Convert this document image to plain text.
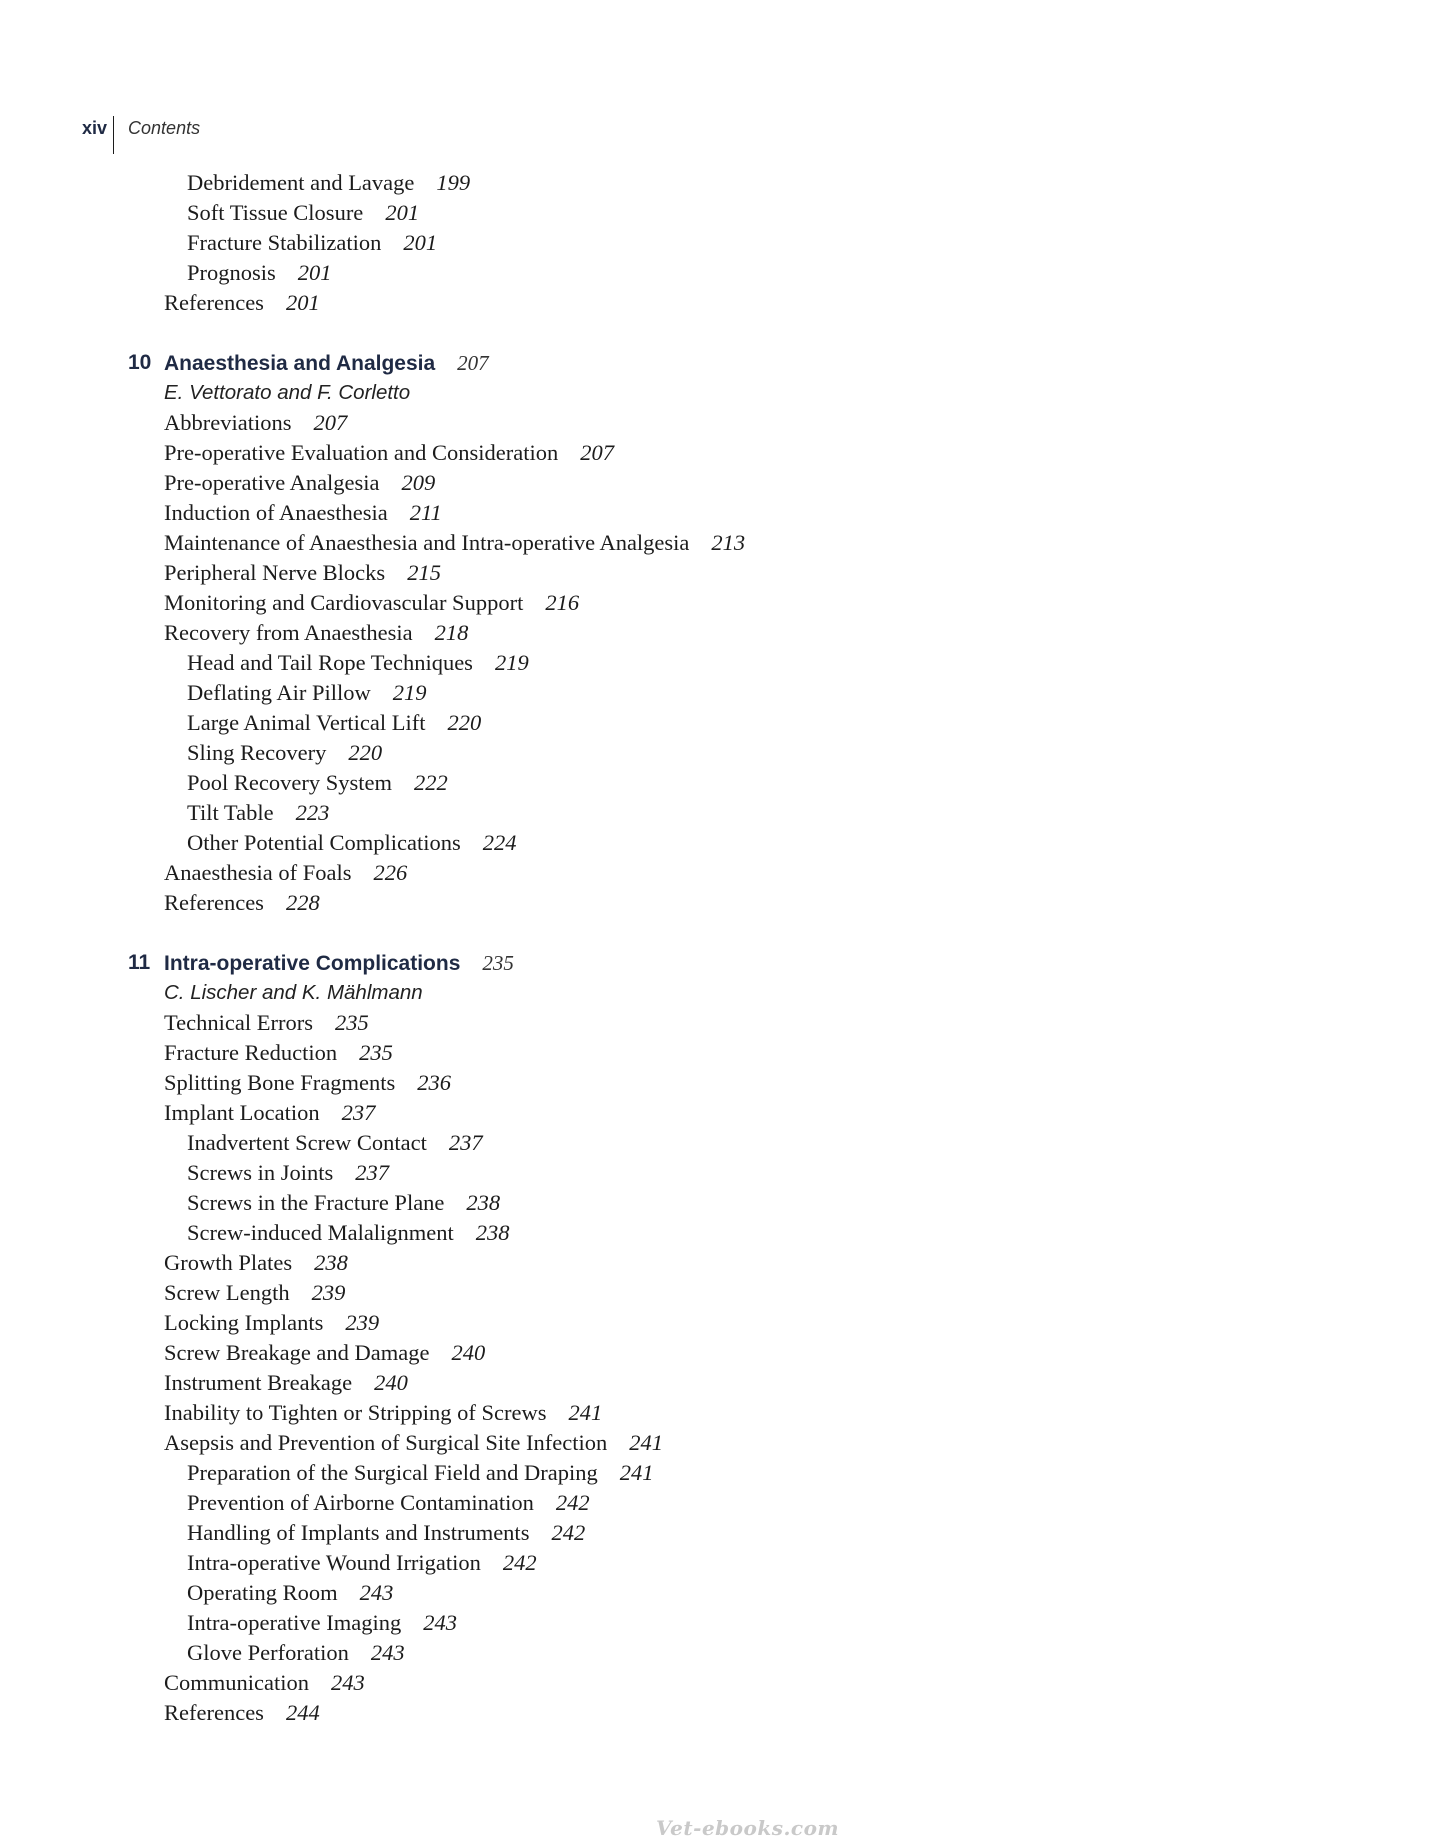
xiv	Contents
Debridement and Lavage 199
Soft Tissue Closure 201
Fracture Stabilization 201
Prognosis 201
References 201
10 Anaesthesia and Analgesia 207
E. Vettorato and F. Corletto
Abbreviations 207
Pre-operative Evaluation and Consideration 207
Pre-operative Analgesia 209
Induction of Anaesthesia 211
Maintenance of Anaesthesia and Intra-operative Analgesia 213
Peripheral Nerve Blocks 215
Monitoring and Cardiovascular Support 216
Recovery from Anaesthesia 218
Head and Tail Rope Techniques 219
Deflating Air Pillow 219
Large Animal Vertical Lift 220
Sling Recovery 220
Pool Recovery System 222
Tilt Table 223
Other Potential Complications 224
Anaesthesia of Foals 226
References 228
11 Intra-operative Complications 235
C. Lischer and K. Mählmann
Technical Errors 235
Fracture Reduction 235
Splitting Bone Fragments 236
Implant Location 237
Inadvertent Screw Contact 237
Screws in Joints 237
Screws in the Fracture Plane 238
Screw-induced Malalignment 238
Growth Plates 238
Screw Length 239
Locking Implants 239
Screw Breakage and Damage 240
Instrument Breakage 240
Inability to Tighten or Stripping of Screws 241
Asepsis and Prevention of Surgical Site Infection 241
Preparation of the Surgical Field and Draping 241
Prevention of Airborne Contamination 242
Handling of Implants and Instruments 242
Intra-operative Wound Irrigation 242
Operating Room 243
Intra-operative Imaging 243
Glove Perforation 243
Communication 243
References 244
Vet-ebooks.com
